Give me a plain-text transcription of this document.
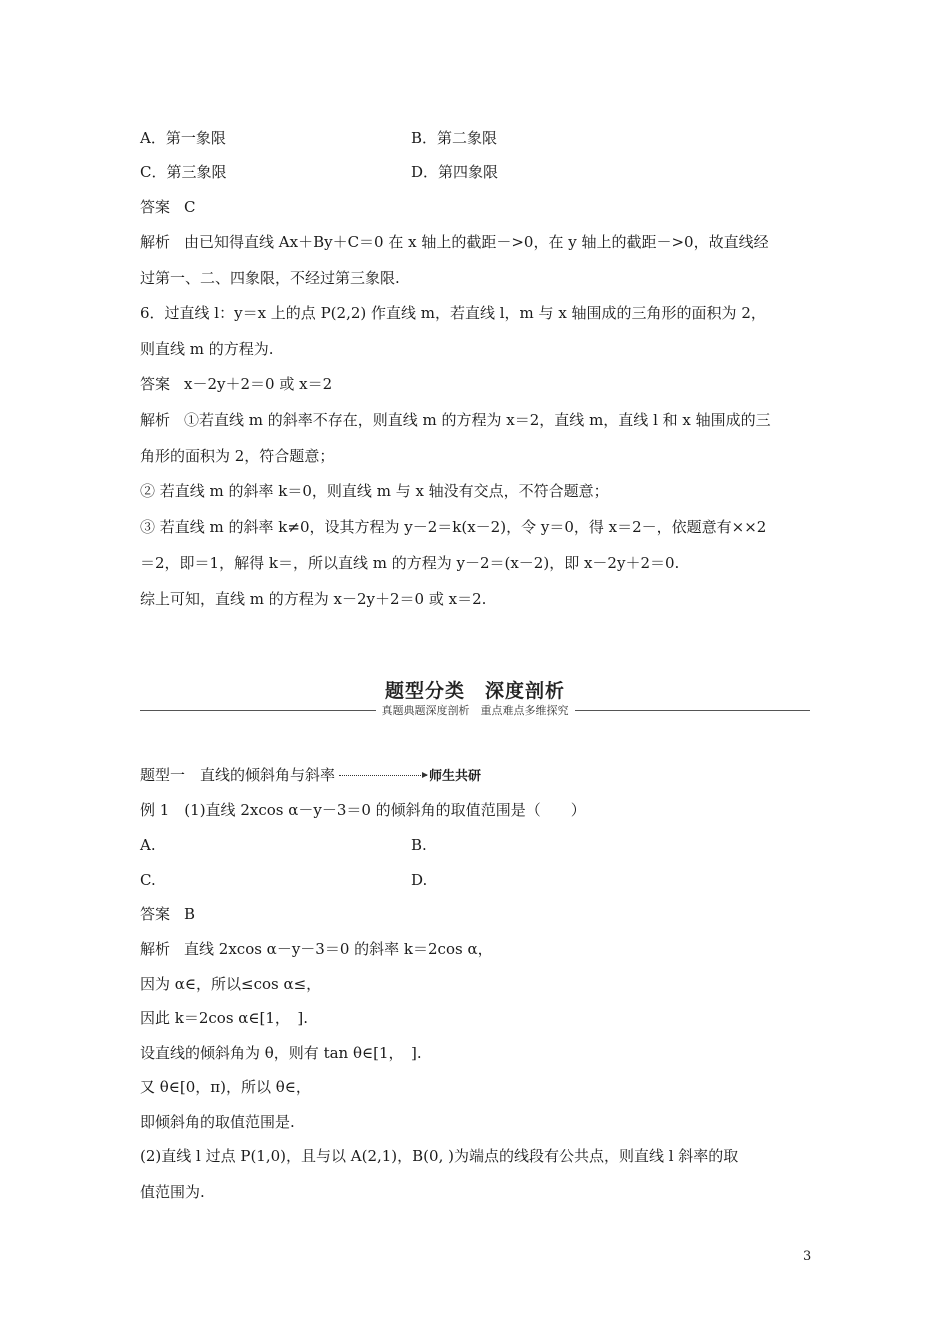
A．第一象限	B．第二象限
C．第三象限	D．第四象限
答案 C
解析 由已知得直线 Ax＋By＋C＝0 在 x 轴上的截距－>0，在 y 轴上的截距－>0，故直线经
过第一、二、四象限，不经过第三象限.
6．过直线 l：y＝x 上的点 P(2,2) 作直线 m，若直线 l，m 与 x 轴围成的三角形的面积为 2，
则直线 m 的方程为.
答案 x－2y＋2＝0 或 x＝2
解析 ①若直线 m 的斜率不存在，则直线 m 的方程为 x＝2，直线 m，直线 l 和 x 轴围成的三
角形的面积为 2，符合题意；
② 若直线 m 的斜率 k＝0，则直线 m 与 x 轴没有交点，不符合题意；
③ 若直线 m 的斜率 k≠0，设其方程为 y－2＝k(x－2)，令 y＝0，得 x＝2－，依题意有××2
＝2，即＝1，解得 k＝，所以直线 m 的方程为 y－2＝(x－2)，即 x－2y＋2＝0.
综上可知，直线 m 的方程为 x－2y＋2＝0 或 x＝2.
题型分类　深度剖析
真题典题深度剖析　重点难点多维探究
题型一　直线的倾斜角与斜率	师生共研
例 1　(1)直线 2xcos α－y－3＝0 的倾斜角的取值范围是（　　）
A.	B.
C.	D.
答案 B
解析 直线 2xcos α－y－3＝0 的斜率 k＝2cos α，
因为 α∈，所以≤cos α≤，
因此 k＝2cos α∈[1，　].
设直线的倾斜角为 θ，则有 tan θ∈[1，　].
又 θ∈[0，π)，所以 θ∈，
即倾斜角的取值范围是.
(2)直线 l 过点 P(1,0)，且与以 A(2,1)，B(0, )为端点的线段有公共点，则直线 l 斜率的取
值范围为.
3
